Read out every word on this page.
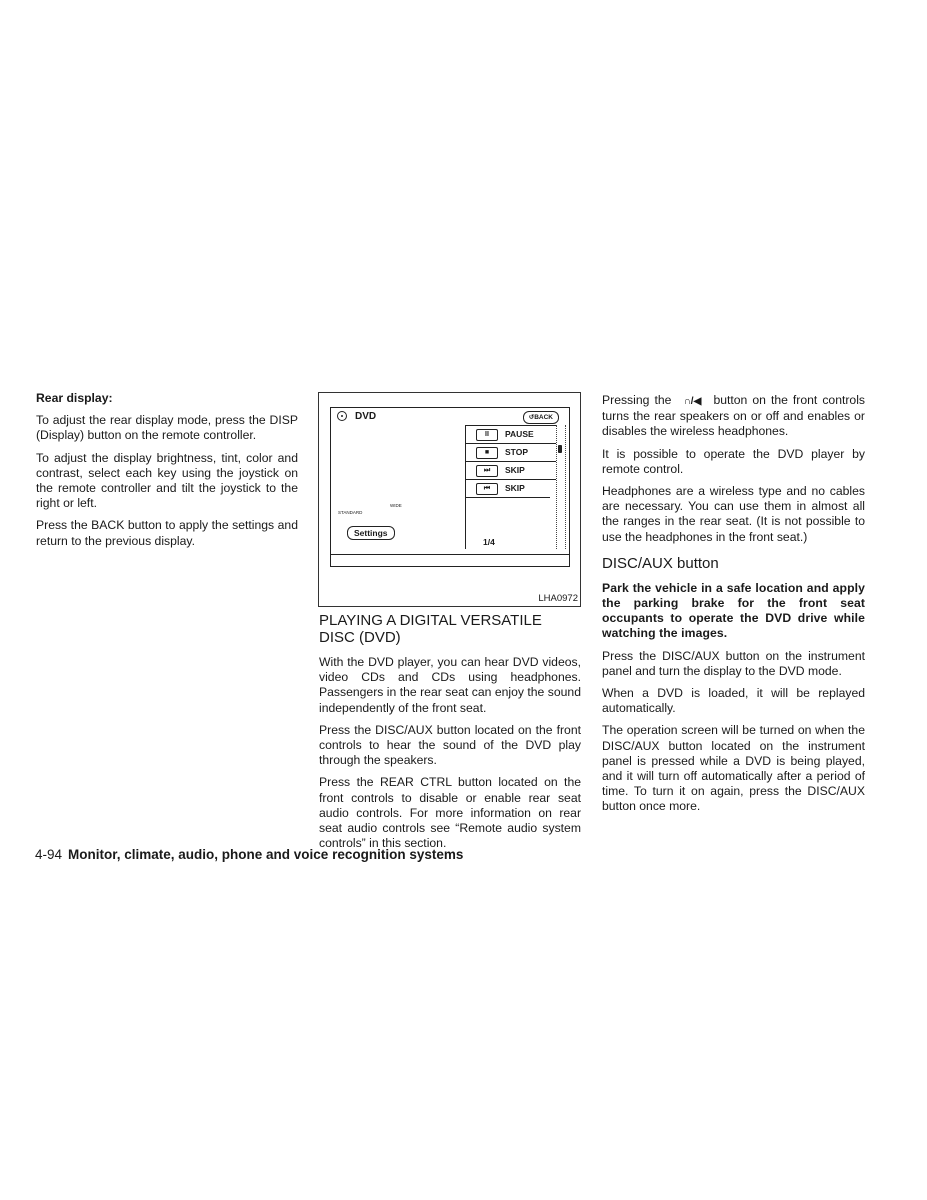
Rear display:

To adjust the rear display mode, press the DISP (Display) button on the remote controller.

To adjust the display brightness, tint, color and contrast, select each key using the joystick on the remote controller and tilt the joystick to the right or left.

Press the BACK button to apply the settings and return to the previous display.

DVD	↺BACK
II	PAUSE
■	STOP
⏭	SKIP
⏮	SKIP
1/4
WIDE
STANDARD
Settings
LHA0972
PLAYING A DIGITAL VERSATILE DISC (DVD)

With the DVD player, you can hear DVD videos, video CDs and CDs using headphones. Passengers in the rear seat can enjoy the sound independently of the front seat.

Press the DISC/AUX button located on the front controls to hear the sound of the DVD play through the speakers.

Press the REAR CTRL button located on the front controls to disable or enable rear seat audio controls. For more information on rear seat audio controls see “Remote audio system controls” in this section.

Pressing the ∩/◀ button on the front controls turns the rear speakers on or off and enables or disables the wireless headphones.

It is possible to operate the DVD player by remote control.

Headphones are a wireless type and no cables are necessary. You can use them in almost all the ranges in the rear seat. (It is not possible to use the headphones in the front seat.)

DISC/AUX button

Park the vehicle in a safe location and apply the parking brake for the front seat occupants to operate the DVD drive while watching the images.

Press the DISC/AUX button on the instrument panel and turn the display to the DVD mode.

When a DVD is loaded, it will be replayed automatically.

The operation screen will be turned on when the DISC/AUX button located on the instrument panel is pressed while a DVD is being played, and it will turn off automatically after a period of time. To turn it on again, press the DISC/AUX button once more.

4-94 Monitor, climate, audio, phone and voice recognition systems
